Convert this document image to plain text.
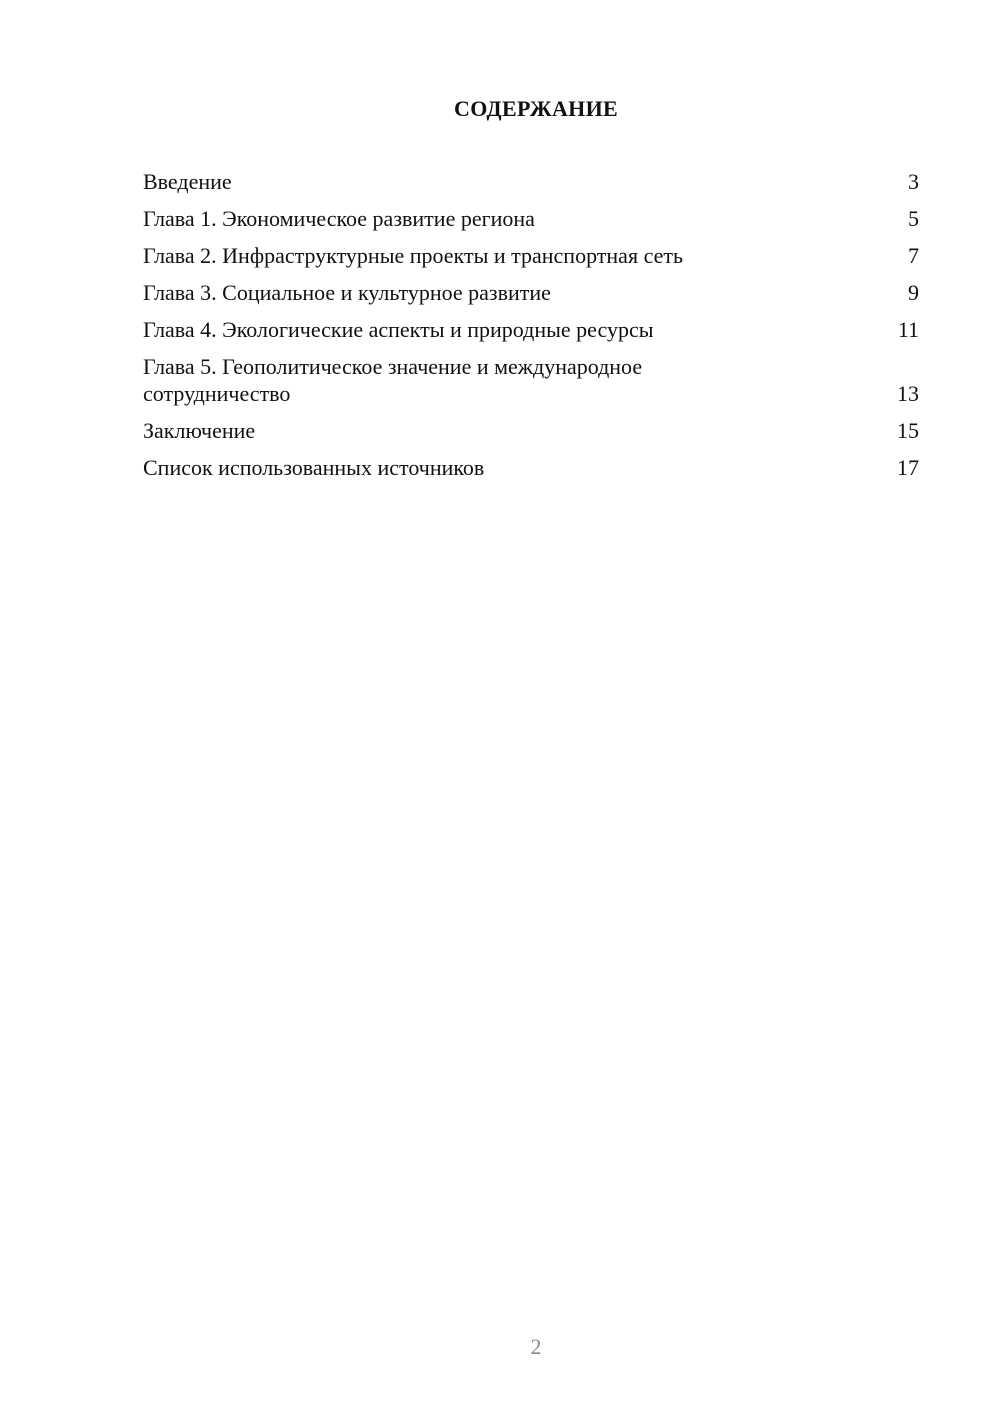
СОДЕРЖАНИЕ
Введение	3
Глава 1. Экономическое развитие региона	5
Глава 2. Инфраструктурные проекты и транспортная сеть	7
Глава 3. Социальное и культурное развитие	9
Глава 4. Экологические аспекты и природные ресурсы	11
Глава 5. Геополитическое значение и международное сотрудничество	13
Заключение	15
Список использованных источников	17
2
